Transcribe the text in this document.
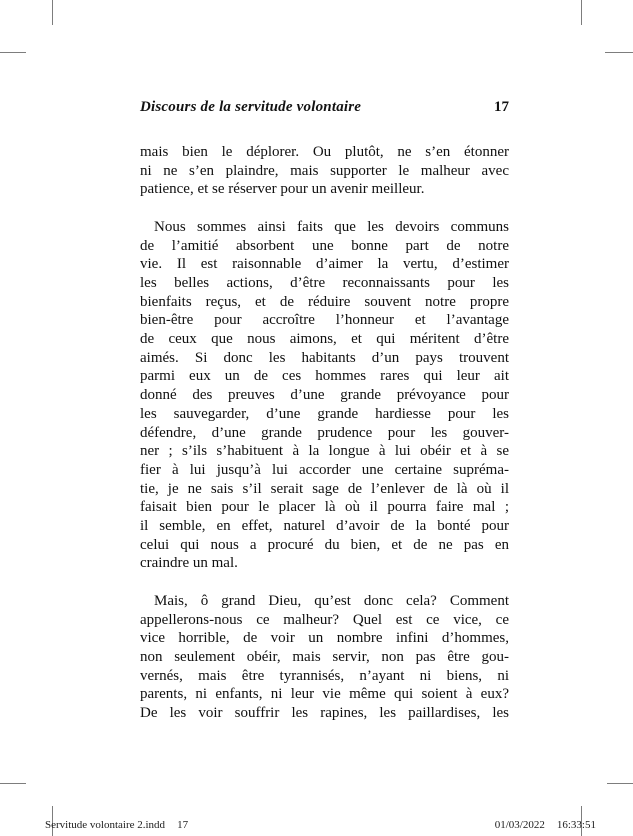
Discours de la servitude volontaire	17
mais bien le déplorer. Ou plutôt, ne s’en étonner
ni ne s’en plaindre, mais supporter le malheur avec
patience, et se réserver pour un avenir meilleur.
Nous sommes ainsi faits que les devoirs communs
de l’amitié absorbent une bonne part de notre
vie. Il est raisonnable d’aimer la vertu, d’estimer
les belles actions, d’être reconnaissants pour les
bienfaits reçus, et de réduire souvent notre propre
bien-être pour accroître l’honneur et l’avantage
de ceux que nous aimons, et qui méritent d’être
aimés. Si donc les habitants d’un pays trouvent
parmi eux un de ces hommes rares qui leur ait
donné des preuves d’une grande prévoyance pour
les sauvegarder, d’une grande hardiesse pour les
défendre, d’une grande prudence pour les gouver-
ner ; s’ils s’habituent à la longue à lui obéir et à se
fier à lui jusqu’à lui accorder une certaine supréma-
tie, je ne sais s’il serait sage de l’enlever de là où il
faisait bien pour le placer là où il pourra faire mal ;
il semble, en effet, naturel d’avoir de la bonté pour
celui qui nous a procuré du bien, et de ne pas en
craindre un mal.
Mais, ô grand Dieu, qu’est donc cela? Comment
appellerons-nous ce malheur? Quel est ce vice, ce
vice horrible, de voir un nombre infini d’hommes,
non seulement obéir, mais servir, non pas être gou-
vernés, mais être tyrannisés, n’ayant ni biens, ni
parents, ni enfants, ni leur vie même qui soient à eux?
De les voir souffrir les rapines, les paillardises, les
Servitude volontaire 2.indd 17	01/03/2022 16:33:51
